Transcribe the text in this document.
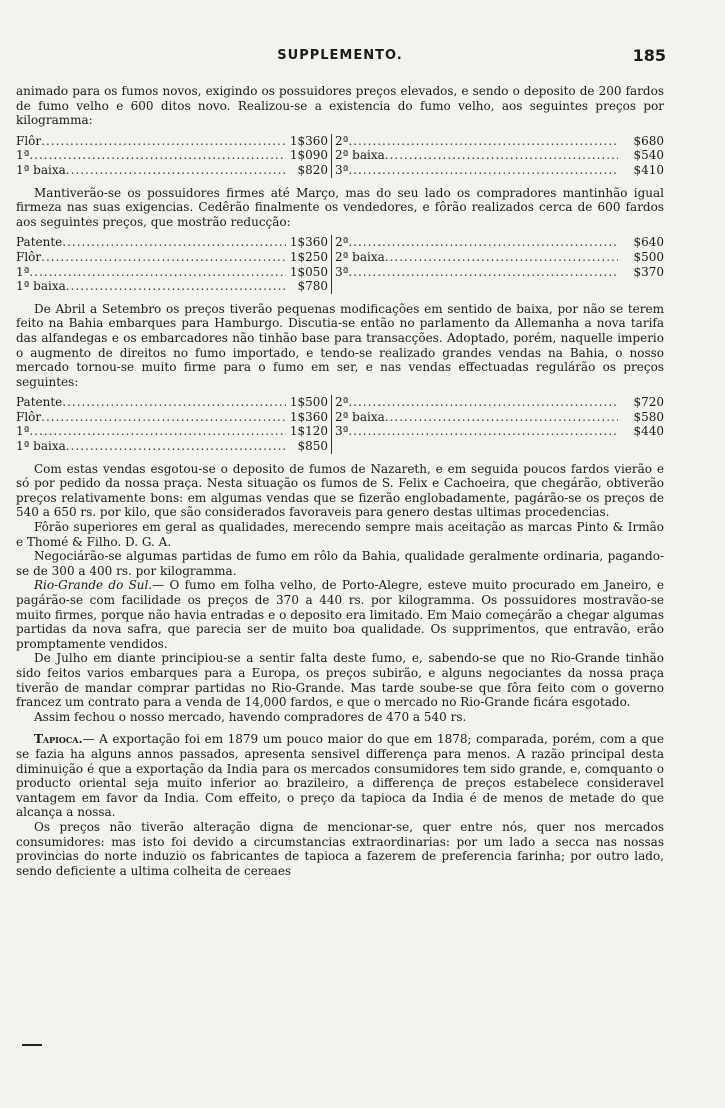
SUPPLEMENTO.	185

animado para os fumos novos, exigindo os possuidores preços elevados, e sendo o deposito de 200 fardos de fumo velho e 600 ditos novo. Realizou-se a existencia do fumo velho, aos seguintes preços por kilogramma:

Flôr .....	1$360 2ª .....	$680
1ª .....	1$090 2ª baixa .....	$540
1ª baixa .....	$820 3ª .....	$410

Mantiverão-se os possuidores firmes até Março, mas do seu lado os compradores mantinhão igual firmeza nas suas exigencias. Cedêrão finalmente os vendedores, e fôrão realizados cerca de 600 fardos aos seguintes preços, que mostrão reducção:

Patente .....	1$360 2ª .....	$640
Flôr .....	1$250 2ª baixa .....	$500
1ª .....	1$050 3ª .....	$370
1ª baixa .....	$780

De Abril a Setembro os preços tiverão pequenas modificações em sentido de baixa, por não se terem feito na Bahia embarques para Hamburgo. Discutia-se então no parlamento da Allemanha a nova tarifa das alfandegas e os embarcadores não tinhão base para transacções. Adoptado, porém, naquelle imperio o augmento de direitos no fumo importado, e tendo-se realizado grandes vendas na Bahia, o nosso mercado tornou-se muito firme para o fumo em ser, e nas vendas effectuadas regulárão os preços seguintes:

Patente .....	1$500 2ª .....	$720
Flôr .....	1$360 2ª baixa .....	$580
1ª .....	1$120 3ª .....	$440
1ª baixa .....	$850

Com estas vendas esgotou-se o deposito de fumos de Nazareth, e em seguida poucos fardos vierão e só por pedido da nossa praça. Nesta situação os fumos de S. Felix e Cachoeira, que chegárão, obtiverão preços relativamente bons: em algumas vendas que se fizerão englobadamente, pagárão-se os preços de 540 a 650 rs. por kilo, que são considerados favoraveis para genero destas ultimas procedencias.

Fôrão superiores em geral as qualidades, merecendo sempre mais aceitação as marcas Pinto & Irmão e Thomé & Filho. D. G. A.

Negociárão-se algumas partidas de fumo em rôlo da Bahia, qualidade geralmente ordinaria, pagando-se de 300 a 400 rs. por kilogramma.

Rio-Grande do Sul.— O fumo em folha velho, de Porto-Alegre, esteve muito procurado em Janeiro, e pagárão-se com facilidade os preços de 370 a 440 rs. por kilogramma. Os possuidores mostravão-se muito firmes, porque não havia entradas e o deposito era limitado. Em Maio começárão a chegar algumas partidas da nova safra, que parecia ser de muito boa qualidade. Os supprimentos, que entravão, erão promptamente vendidos.

De Julho em diante principiou-se a sentir falta deste fumo, e, sabendo-se que no Rio-Grande tinhão sido feitos varios embarques para a Europa, os preços subirão, e alguns negociantes da nossa praça tiverão de mandar comprar partidas no Rio-Grande. Mas tarde soube-se que fôra feito com o governo francez um contrato para a venda de 14,000 fardos, e que o mercado no Rio-Grande ficára esgotado.

Assim fechou o nosso mercado, havendo compradores de 470 a 540 rs.

Tapioca.— A exportação foi em 1879 um pouco maior do que em 1878; comparada, porém, com a que se fazia ha alguns annos passados, apresenta sensivel differença para menos. A razão principal desta diminuição é que a exportação da India para os mercados consumidores tem sido grande, e, comquanto o producto oriental seja muito inferior ao brazileiro, a differença de preços estabelece consideravel vantagem em favor da India. Com effeito, o preço da tapioca da India é de menos de metade do que alcança a nossa.

Os preços não tiverão alteração digna de mencionar-se, quer entre nós, quer nos mercados consumidores: mas isto foi devido a circumstancias extraordinarias: por um lado a secca nas nossas provincias do norte induzio os fabricantes de tapioca a fazerem de preferencia farinha; por outro lado, sendo deficiente a ultima colheita de cereaes
